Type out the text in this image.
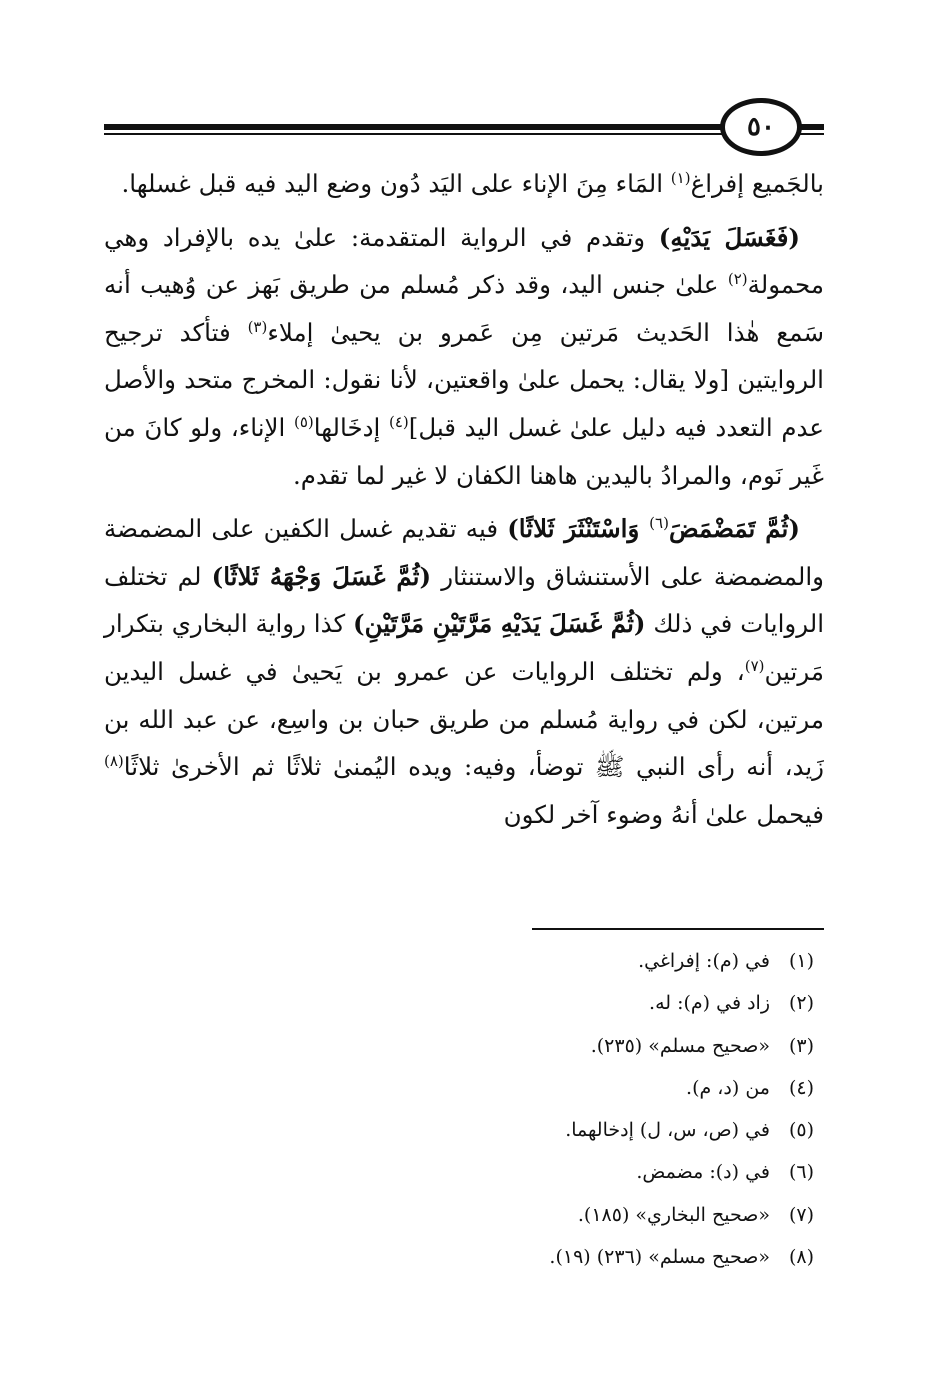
٥٠

بالجَميع إفراغ$^{(١)}$ المَاء مِنَ الإناء على اليَد دُون وضع اليد فيه قبل غسلها.

(فَغَسَلَ يَدَيْهِ) وتقدم في الرواية المتقدمة: علىٰ يده بالإفراد وهي محمولة$^{(٢)}$ علىٰ جنس اليد، وقد ذكر مُسلم من طريق بَهز عن وُهيب أنه سَمع هٰذا الحَديث مَرتين مِن عَمرو بن يحيىٰ إملاء$^{(٣)}$ فتأكد ترجيح الروايتين [ولا يقال: يحمل علىٰ واقعتين، لأنا نقول: المخرج متحد والأصل عدم التعدد فيه دليل علىٰ غسل اليد قبل]$^{(٤)}$ إدخَالها$^{(٥)}$ الإناء، ولو كانَ من غَير نَوم، والمرادُ باليدين هاهنا الكفان لا غير لما تقدم.

(ثُمَّ تَمَضْمَضَ$^{(٦)}$ وَاسْتَنْثَرَ ثَلاثًا) فيه تقديم غسل الكفين على المضمضة والمضمضة على الأستنشاق والاستنثار (ثُمَّ غَسَلَ وَجْهَهُ ثَلاثًا) لم تختلف الروايات في ذلك (ثُمَّ غَسَلَ يَدَيْهِ مَرَّتَيْنِ مَرَّتَيْنِ) كذا رواية البخاري بتكرار مَرتين$^{(٧)}$، ولم تختلف الروايات عن عمرو بن يَحيىٰ في غسل اليدين مرتين، لكن في رواية مُسلم من طريق حبان بن واسِع، عن عبد الله بن زَيد، أنه رأى النبي ﷺ توضأ، وفيه: ويده اليُمنىٰ ثلاثًا ثم الأخرىٰ ثلاثًا$^{(٨)}$ فيحمل علىٰ أنهُ وضوء آخر لكون

(١)
في (م): إفراغي.
(٢)
زاد في (م): له.
(٣)
«صحيح مسلم» (٢٣٥).
(٤)
من (د، م).
(٥)
في (ص، س، ل) إدخالهما.
(٦)
في (د): مضمض.
(٧)
«صحيح البخاري» (١٨٥).
(٨)
«صحيح مسلم» (٢٣٦) (١٩).
